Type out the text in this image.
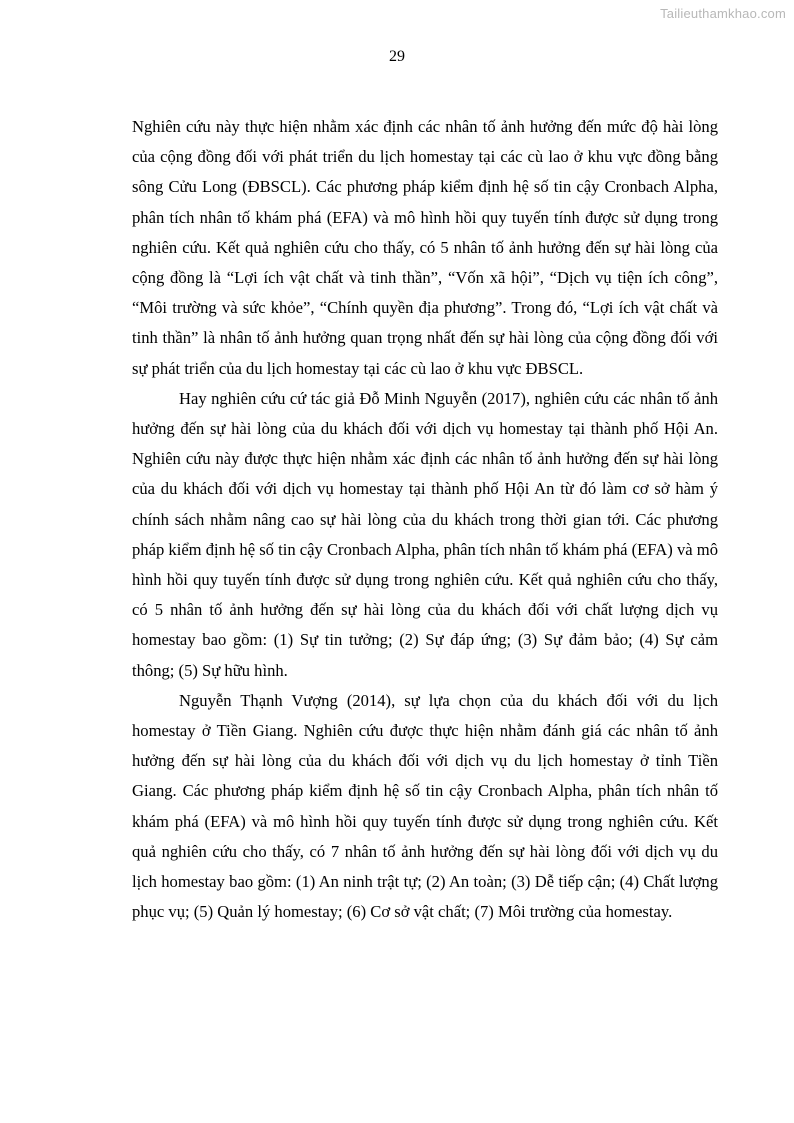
Tailieuthamkhao.com
29

Nghiên cứu này thực hiện nhằm xác định các nhân tố ảnh hưởng đến mức độ hài lòng của cộng đồng đối với phát triển du lịch homestay tại các cù lao ở khu vực đồng bằng sông Cửu Long (ĐBSCL). Các phương pháp kiểm định hệ số tin cậy Cronbach Alpha, phân tích nhân tố khám phá (EFA) và mô hình hồi quy tuyến tính được sử dụng trong nghiên cứu. Kết quả nghiên cứu cho thấy, có 5 nhân tố ảnh hưởng đến sự hài lòng của cộng đồng là “Lợi ích vật chất và tinh thần”, “Vốn xã hội”, “Dịch vụ tiện ích công”, “Môi trường và sức khỏe”, “Chính quyền địa phương”. Trong đó, “Lợi ích vật chất và tinh thần” là nhân tố ảnh hưởng quan trọng nhất đến sự hài lòng của cộng đồng đối với sự phát triển của du lịch homestay tại các cù lao ở khu vực ĐBSCL.

Hay nghiên cứu cứ tác giả Đỗ Minh Nguyễn (2017), nghiên cứu các nhân tố ảnh hưởng đến sự hài lòng của du khách đối với dịch vụ homestay tại thành phố Hội An. Nghiên cứu này được thực hiện nhằm xác định các nhân tố ảnh hưởng đến sự hài lòng của du khách đối với dịch vụ homestay tại thành phố Hội An từ đó làm cơ sở hàm ý chính sách nhằm nâng cao sự hài lòng của du khách trong thời gian tới. Các phương pháp kiểm định hệ số tin cậy Cronbach Alpha, phân tích nhân tố khám phá (EFA) và mô hình hồi quy tuyến tính được sử dụng trong nghiên cứu. Kết quả nghiên cứu cho thấy, có 5 nhân tố ảnh hưởng đến sự hài lòng của du khách đối với chất lượng dịch vụ homestay bao gồm: (1) Sự tin tưởng; (2) Sự đáp ứng; (3) Sự đảm bảo; (4) Sự cảm thông; (5) Sự hữu hình.

Nguyễn Thạnh Vượng (2014), sự lựa chọn của du khách đối với du lịch homestay ở Tiền Giang. Nghiên cứu được thực hiện nhằm đánh giá các nhân tố ảnh hưởng đến sự hài lòng của du khách đối với dịch vụ du lịch homestay ở tỉnh Tiền Giang. Các phương pháp kiểm định hệ số tin cậy Cronbach Alpha, phân tích nhân tố khám phá (EFA) và mô hình hồi quy tuyến tính được sử dụng trong nghiên cứu. Kết quả nghiên cứu cho thấy, có 7 nhân tố ảnh hưởng đến sự hài lòng đối với dịch vụ du lịch homestay bao gồm: (1) An ninh trật tự; (2) An toàn; (3) Dễ tiếp cận; (4) Chất lượng phục vụ; (5) Quản lý homestay; (6) Cơ sở vật chất; (7) Môi trường của homestay.
